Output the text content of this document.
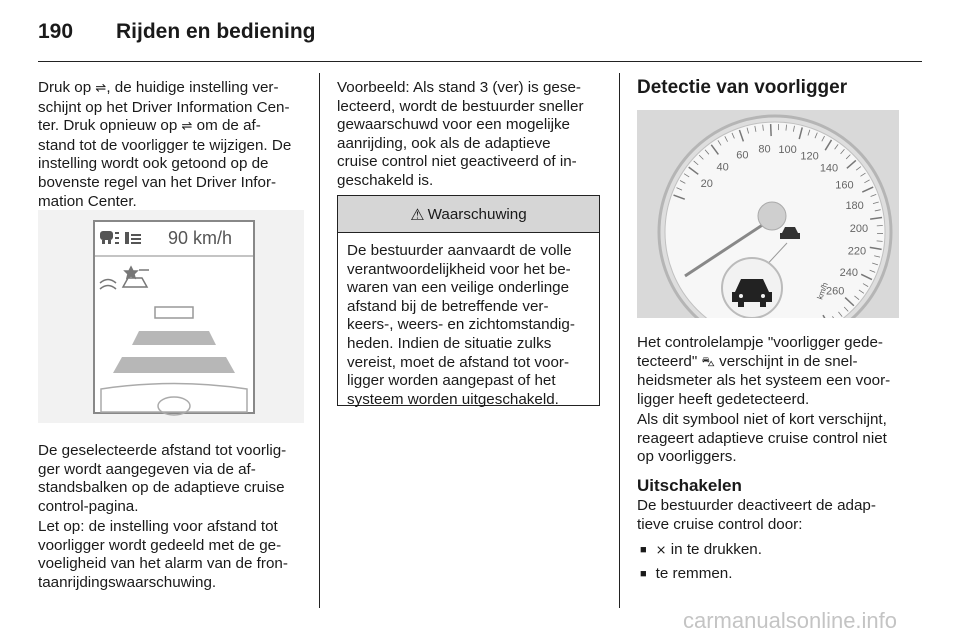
190 Rijden en bediening
Druk op ⇌, de huidige instelling ver-
schijnt op het Driver Information Cen-
ter. Druk opnieuw op ⇌ om de af-
stand tot de voorligger te wijzigen. De
instelling wordt ook getoond op de
bovenste regel van het Driver Infor-
mation Center.
90 km/h
De geselecteerde afstand tot voorlig-
ger wordt aangegeven via de af-
standsbalken op de adaptieve cruise
control-pagina.
Let op: de instelling voor afstand tot
voorligger wordt gedeeld met de ge-
voeligheid van het alarm van de fron-
taanrijdingswaarschuwing.
Voorbeeld: Als stand 3 (ver) is gese-
lecteerd, wordt de bestuurder sneller
gewaarschuwd voor een mogelijke
aanrijding, ook als de adaptieve
cruise control niet geactiveerd of in-
geschakeld is.
⚠ Waarschuwing
De bestuurder aanvaardt de volle
verantwoordelijkheid voor het be-
waren van een veilige onderlinge
afstand bij de betreffende ver-
keers-, weers- en zichtomstandig-
heden. Indien de situatie zulks
vereist, moet de afstand tot voor-
ligger worden aangepast of het
systeem worden uitgeschakeld.
Detectie van voorligger
20
40
60 80 100
120
140
160
180
200
220
240
260
km/h
Het controlelampje "voorligger gede-
tecteerd" ⛍ verschijnt in de snel-
heidsmeter als het systeem een voor-
ligger heeft gedetecteerd.
Als dit symbool niet of kort verschijnt,
reageert adaptieve cruise control niet
op voorliggers.
Uitschakelen
De bestuurder deactiveert de adap-
tieve cruise control door:
■ ⨯ in te drukken.
■ te remmen.
carmanualsonline.info
